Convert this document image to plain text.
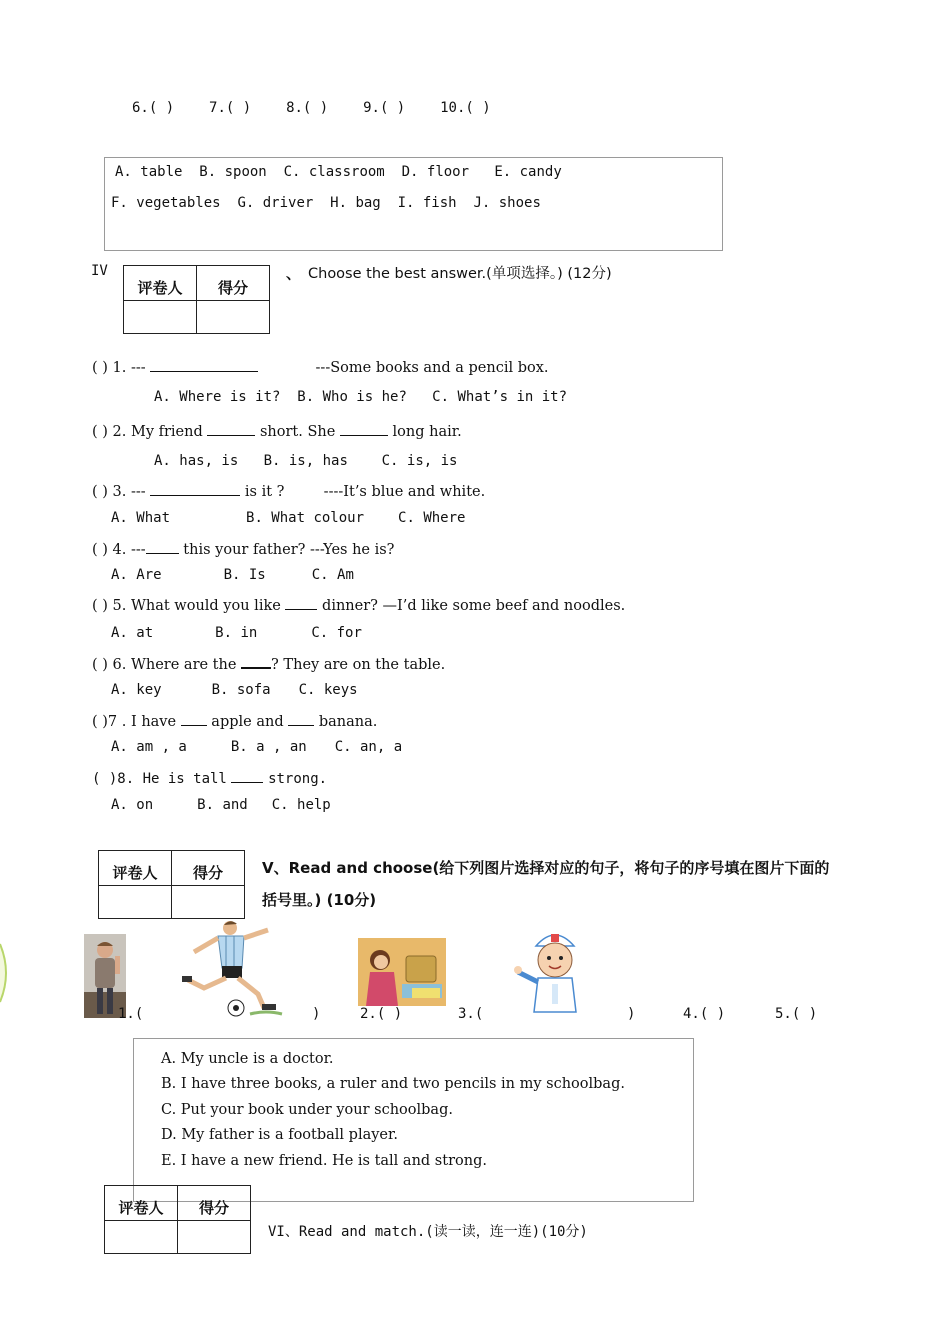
6.( ) 7.( ) 8.( ) 9.( ) 10.( )
A. table B. spoon C. classroom D. floor E. candy
F. vegetables G. driver H. bag I. fish J. shoes
IV
评卷人	得分

、 Choose the best answer.(单项选择。) (12分)
( ) 1. ---	---Some books and a pencil box.
A. Where is it? B. Who is he? C. What’s in it?
( ) 2. My friend	short. She	long hair.
A. has, is B. is, has C. is, is
( ) 3. ---	is it ?	----It’s blue and white.
A. What	B. What colour C. Where
( ) 4. ---	this your father? ---Yes he is?
A. Are	B. Is	C. Am
( ) 5. What would you like	dinner? —I’d like some beef and noodles.
A. at	B. in	C. for
( ) 6. Where are the ? They are on the table.
A. key	B. sofa C. keys
( )7 . I have apple and banana.
A. am , a	B. a , an C. an, a
( )8. He is tall	strong.
A. on	B. and C. help
评卷人	得分
		V、Read and choose(给下列图片选择对应的句子，将句子的序号填在图片下面的
括号里。) (10分)
1.(	)	2.( )	3.(	)	4.( )	5.( )
A. My uncle is a doctor.
B. I have three books, a ruler and two pencils in my schoolbag.
C. Put your book under your schoolbag.
D. My father is a football player.
E. I have a new friend. He is tall and strong.
评卷人	得分

VI、Read and match.(读一读，连一连)(10分)
